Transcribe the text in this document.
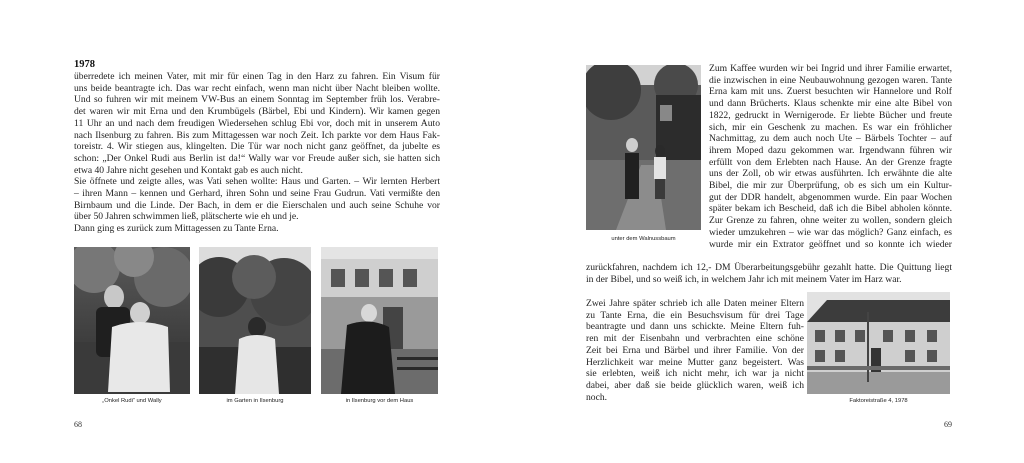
1978
überredete ich meinen Vater, mit mir für einen Tag in den Harz zu fahren. Ein Visum für
uns beide beantragte ich. Das war recht einfach, wenn man nicht über Nacht bleiben wollte.
Und so fuhren wir mit meinem VW-Bus an einem Sonntag im September früh los. Verabre-
det waren wir mit Erna und den Krumbügels (Bärbel, Ebi und Kindern). Wir kamen gegen
11 Uhr an und nach dem freudigen Wiedersehen schlug Ebi vor, doch mit in unserem Auto
nach Ilsenburg zu fahren. Bis zum Mittagessen war noch Zeit. Ich parkte vor dem Haus Fak-
toreistr. 4. Wir stiegen aus, klingelten. Die Tür war noch nicht ganz geöffnet, da jubelte es
schon: „Der Onkel Rudi aus Berlin ist da!“ Wally war vor Freude außer sich, sie hatten sich
etwa 40 Jahre nicht gesehen und Kontakt gab es auch nicht.
Sie öffnete und zeigte alles, was Vati sehen wollte: Haus und Garten. – Wir lernten Herbert
– ihren Mann – kennen und Gerhard, ihren Sohn und seine Frau Gudrun. Vati vermißte den
Birnbaum und die Linde. Der Bach, in dem er die Eierschalen und auch seine Schuhe vor
über 50 Jahren schwimmen ließ, plätscherte wie eh und je.
Dann ging es zurück zum Mittagessen zu Tante Erna.
„Onkel Rudi“ und Wally	im Garten in Ilsenburg	in Ilsenburg vor dem Haus
68
unter dem Walnussbaum
Zum Kaffee wurden wir bei Ingrid und ihrer Familie erwartet,
die inzwischen in eine Neubauwohnung gezogen waren. Tante
Erna kam mit uns. Zuerst besuchten wir Hannelore und Rolf
und dann Brücherts. Klaus schenkte mir eine alte Bibel von
1822, gedruckt in Wernigerode. Er liebte Bücher und freute
sich, mir ein Geschenk zu machen. Es war ein fröhlicher
Nachmittag, zu dem auch noch Ute – Bärbels Tochter – auf
ihrem Moped dazu gekommen war. Irgendwann führen wir
erfüllt von dem Erlebten nach Hause. An der Grenze fragte
uns der Zoll, ob wir etwas ausführten. Ich erwähnte die alte
Bibel, die mir zur Überprüfung, ob es sich um ein Kultur-
gut der DDR handelt, abgenommen wurde. Ein paar Wochen
später bekam ich Bescheid, daß ich die Bibel abholen könnte.
Zur Grenze zu fahren, ohne weiter zu wollen, sondern gleich
wieder umzukehren – wie war das möglich? Ganz einfach, es
wurde mir ein Extrator geöffnet und so konnte ich wieder
zurückfahren, nachdem ich 12,- DM Überarbeitungsgebühr gezahlt hatte. Die Quittung liegt
in der Bibel, und so weiß ich, in welchem Jahr ich mit meinem Vater im Harz war.
Zwei Jahre später schrieb ich alle Daten meiner Eltern
zu Tante Erna, die ein Besuchsvisum für drei Tage
beantragte und dann uns schickte. Meine Eltern fuh-
ren mit der Eisenbahn und verbrachten eine schöne
Zeit bei Erna und Bärbel und ihrer Familie. Von der
Herzlichkeit war meine Mutter ganz begeistert. Was
sie erlebten, weiß ich nicht mehr, ich war ja nicht
dabei, aber daß sie beide glücklich waren, weiß ich
noch.	Faktoreistraße 4, 1978
69
